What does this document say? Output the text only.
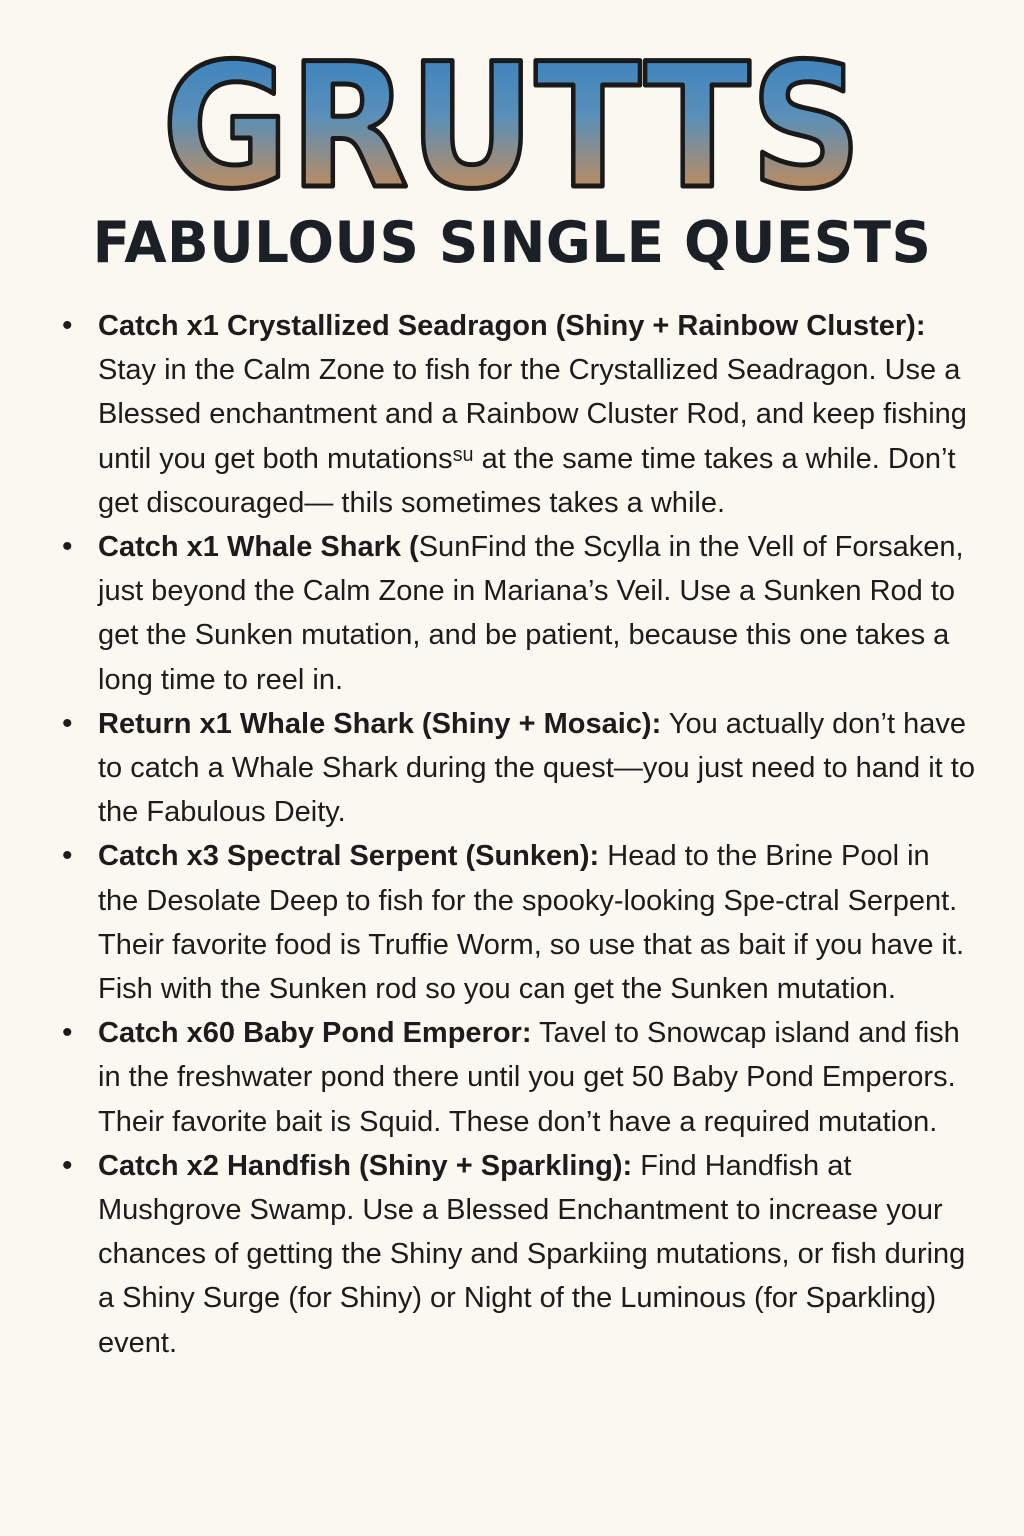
GRUTTS
FABULOUS SINGLE QUESTS
• Catch x1 Crystallized Seadragon (Shiny + Rainbow Cluster): Stay in the Calm Zone to fish for the Crystallized Seadragon. Use a Blessed enchantment and a Rainbow Cluster Rod, and keep fishing until you get both mutationsˢᵘ at the same time takes a while. Don’t get discouraged— thils sometimes takes a while.
• Catch x1 Whale Shark (SunFind the Scylla in the Vell of Forsaken, just beyond the Calm Zone in Mariana’s Veil. Use a Sunken Rod to get the Sunken mutation, and be patient, because this one takes a long time to reel in.
• Return x1 Whale Shark (Shiny + Mosaic): You actually don’t have to catch a Whale Shark during the quest—you just need to hand it to the Fabulous Deity.
• Catch x3 Spectral Serpent (Sunken): Head to the Brine Pool in the Desolate Deep to fish for the spooky-looking Spe-ctral Serpent. Their favorite food is Truffie Worm, so use that as bait if you have it. Fish with the Sunken rod so you can get the Sunken mutation.
• Catch x60 Baby Pond Emperor: Tavel to Snowcap island and fish in the freshwater pond there until you get 50 Baby Pond Emperors. Their favorite bait is Squid. These don’t have a required mutation.
• Catch x2 Handfish (Shiny + Sparkling): Find Handfish at Mushgrove Swamp. Use a Blessed Enchantment to increase your chances of getting the Shiny and Sparkiing mutations, or fish during a Shiny Surge (for Shiny) or Night of the Luminous (for Sparkling) event.
